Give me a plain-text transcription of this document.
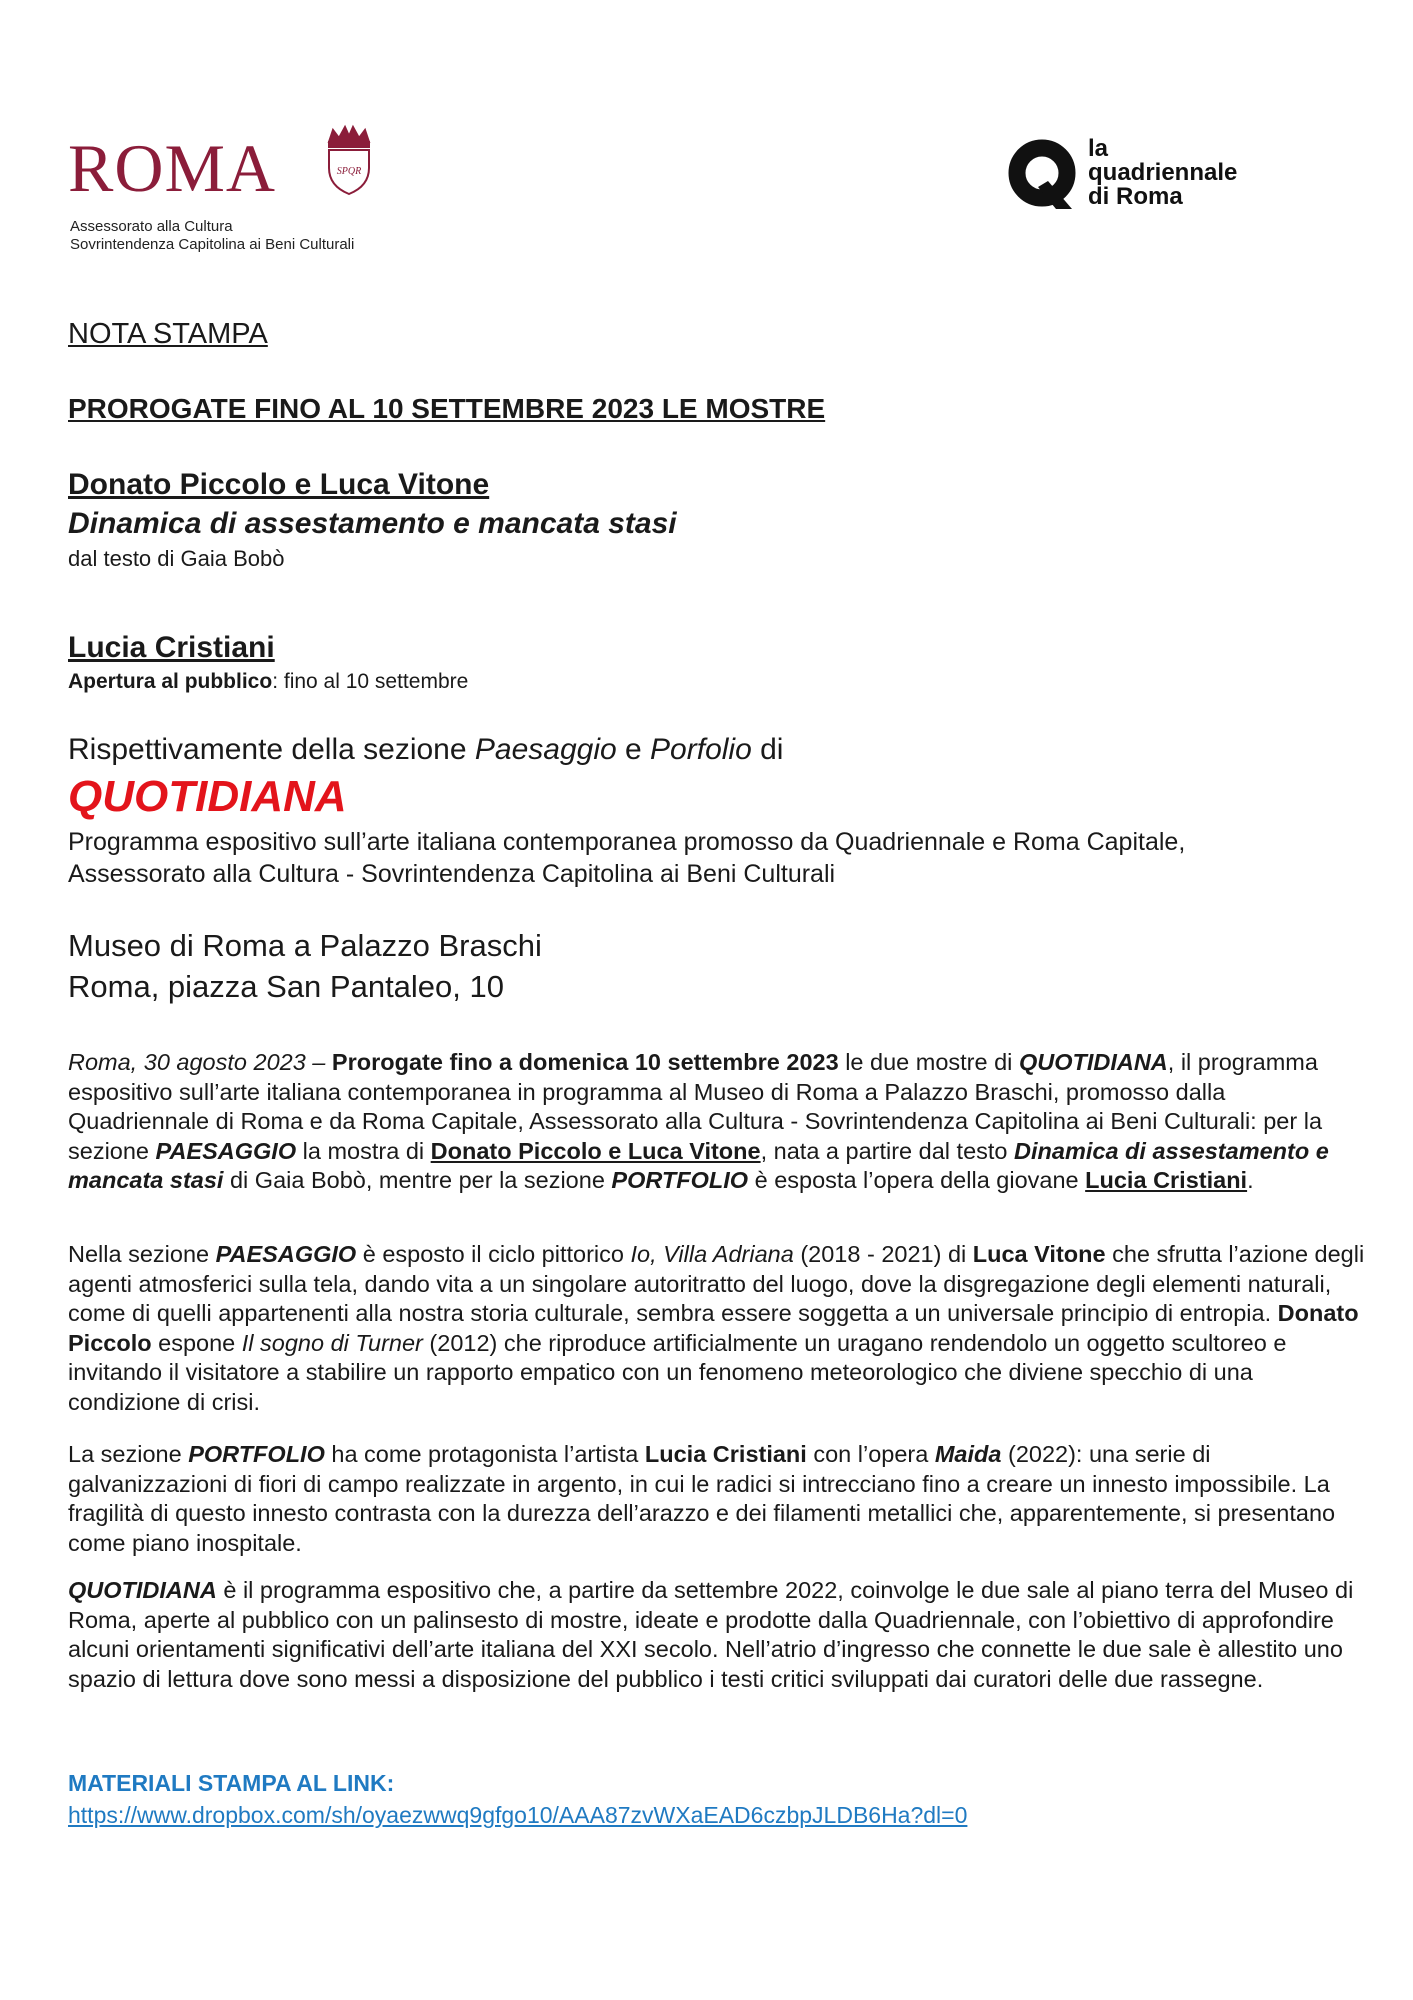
ROMA	SPQR
Assessorato alla Cultura
Sovrintendenza Capitolina ai Beni Culturali
la
quadriennale
di Roma
NOTA STAMPA
PROROGATE FINO AL 10 SETTEMBRE 2023 LE MOSTRE
Donato Piccolo e Luca Vitone
Dinamica di assestamento e mancata stasi
dal testo di Gaia Bobò
Lucia Cristiani
Apertura al pubblico: fino al 10 settembre
Rispettivamente della sezione Paesaggio e Porfolio di
QUOTIDIANA
Programma espositivo sull’arte italiana contemporanea promosso da Quadriennale e Roma Capitale,
Assessorato alla Cultura - Sovrintendenza Capitolina ai Beni Culturali
Museo di Roma a Palazzo Braschi
Roma, piazza San Pantaleo, 10
Roma, 30 agosto 2023 – Prorogate fino a domenica 10 settembre 2023 le due mostre di QUOTIDIANA, il programma espositivo sull’arte italiana contemporanea in programma al Museo di Roma a Palazzo Braschi, promosso dalla Quadriennale di Roma e da Roma Capitale, Assessorato alla Cultura - Sovrintendenza Capitolina ai Beni Culturali: per la sezione PAESAGGIO la mostra di Donato Piccolo e Luca Vitone, nata a partire dal testo Dinamica di assestamento e mancata stasi di Gaia Bobò, mentre per la sezione PORTFOLIO è esposta l’opera della giovane Lucia Cristiani.
Nella sezione PAESAGGIO è esposto il ciclo pittorico Io, Villa Adriana (2018 - 2021) di Luca Vitone che sfrutta l’azione degli agenti atmosferici sulla tela, dando vita a un singolare autoritratto del luogo, dove la disgregazione degli elementi naturali, come di quelli appartenenti alla nostra storia culturale, sembra essere soggetta a un universale principio di entropia. Donato Piccolo espone Il sogno di Turner (2012) che riproduce artificialmente un uragano rendendolo un oggetto scultoreo e invitando il visitatore a stabilire un rapporto empatico con un fenomeno meteorologico che diviene specchio di una condizione di crisi.
La sezione PORTFOLIO ha come protagonista l’artista Lucia Cristiani con l’opera Maida (2022): una serie di galvanizzazioni di fiori di campo realizzate in argento, in cui le radici si intrecciano fino a creare un innesto impossibile. La fragilità di questo innesto contrasta con la durezza dell’arazzo e dei filamenti metallici che, apparentemente, si presentano come piano inospitale.
QUOTIDIANA è il programma espositivo che, a partire da settembre 2022, coinvolge le due sale al piano terra del Museo di Roma, aperte al pubblico con un palinsesto di mostre, ideate e prodotte dalla Quadriennale, con l’obiettivo di approfondire alcuni orientamenti significativi dell’arte italiana del XXI secolo. Nell’atrio d’ingresso che connette le due sale è allestito uno spazio di lettura dove sono messi a disposizione del pubblico i testi critici sviluppati dai curatori delle due rassegne.
MATERIALI STAMPA AL LINK:
https://www.dropbox.com/sh/oyaezwwq9gfgo10/AAA87zvWXaEAD6czbpJLDB6Ha?dl=0
